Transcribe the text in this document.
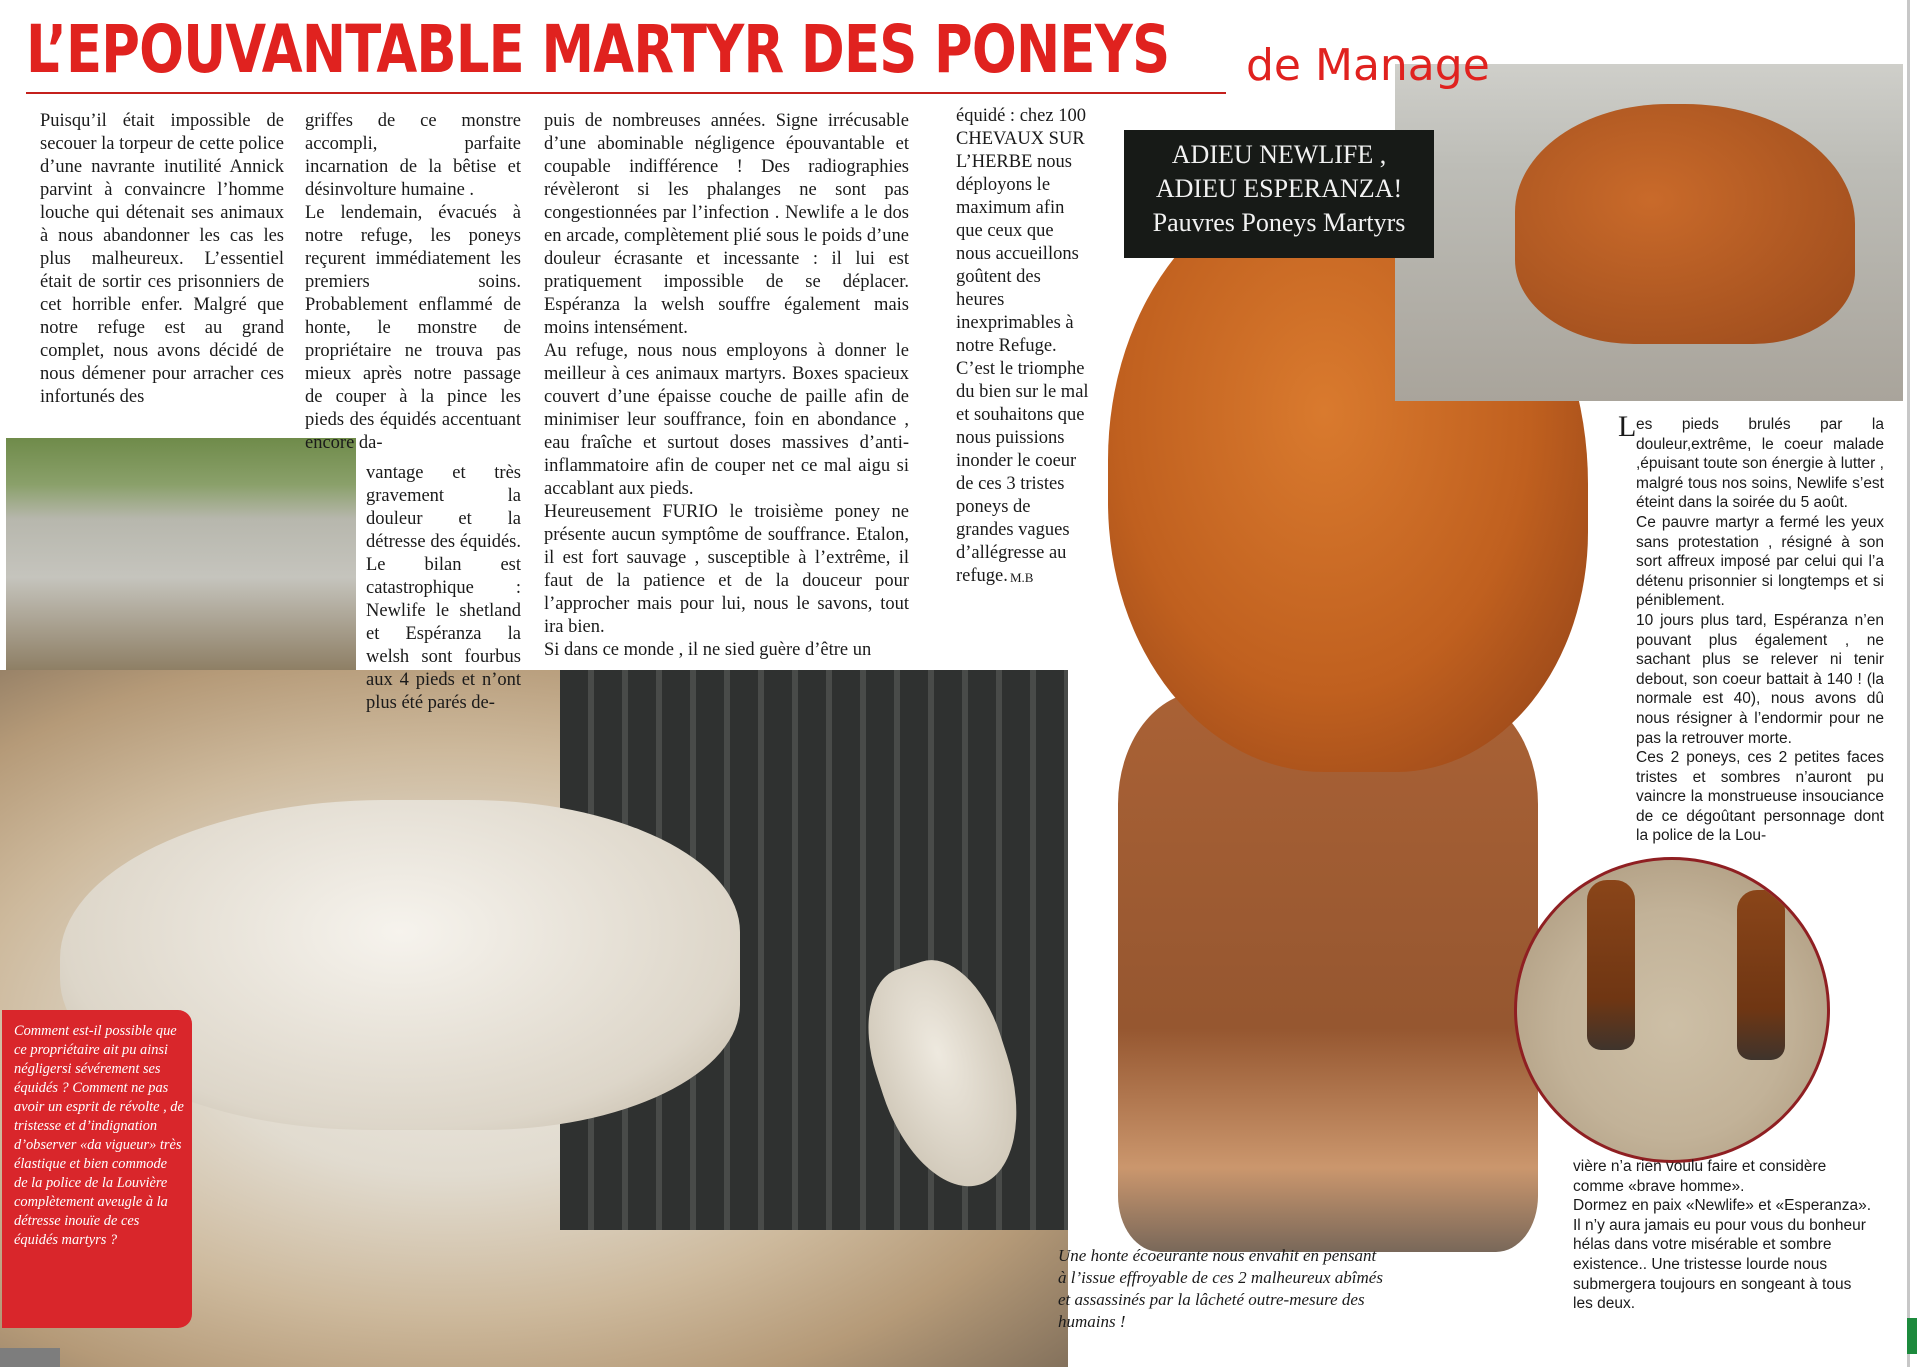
L’EPOUVANTABLE MARTYR DES PONEYS de Manage

Puisqu’il était impossible de secouer la torpeur de cette police d’une navrante inutilité Annick parvint à convaincre l’homme louche qui détenait ses animaux à nous abandonner les cas les plus malheureux. L’essentiel était de sortir ces prisonniers de cet horrible enfer. Malgré que notre refuge est au grand complet, nous avons décidé de nous démener pour arracher ces infortunés des

griffes de ce monstre accompli, parfaite incarnation de la bêtise et désinvolture humaine .

Le lendemain, évacués à notre refuge, les poneys reçurent immédiatement les premiers soins. Probablement enflammé de honte, le monstre de propriétaire ne trouva pas mieux après notre passage de couper à la pince les pieds des équidés accentuant encore da-

vantage et très gravement la douleur et la détresse des équidés. Le bilan est catastrophique : Newlife le shetland et Espéranza la welsh sont fourbus aux 4 pieds et n’ont plus été parés de-

puis de nombreuses années. Signe irrécusable d’une abominable négligence épouvantable et coupable indifférence ! Des radiographies révèleront si les phalanges ne sont pas congestionnées par l’infection . Newlife a le dos en arcade, complètement plié sous le poids d’une douleur écrasante et incessante : il lui est pratiquement impossible de se déplacer. Espéranza la welsh souffre également mais moins intensément.

Au refuge, nous nous employons à donner le meilleur à ces animaux martyrs. Boxes spacieux couvert d’une épaisse couche de paille afin de minimiser leur souffrance, foin en abondance , eau fraîche et surtout doses massives d’anti-inflammatoire afin de couper net ce mal aigu si accablant aux pieds.

Heureusement FURIO le troisième poney ne présente aucun symptôme de souffrance. Etalon, il est fort sauvage , susceptible à l’extrême, il faut de la patience et de la douceur pour l’approcher mais pour lui, nous le savons, tout ira bien.

Si dans ce monde , il ne sied guère d’être un

équidé : chez 100 CHEVAUX SUR L’HERBE nous déployons le maximum afin que ceux que nous accueillons goûtent des heures inexprimables à notre Refuge. C’est le triomphe du bien sur le mal et souhaitons que nous puissions inonder le coeur de ces 3 tristes poneys de grandes vagues d’allégresse au refuge. M.B
ADIEU NEWLIFE ,
ADIEU ESPERANZA!
Pauvres Poneys Martyrs
L es pieds brulés par la douleur,extrême, le coeur malade ,épuisant toute son énergie à lutter , malgré tous nos soins, Newlife s’est éteint dans la soirée du 5 août.
Ce pauvre martyr a fermé les yeux sans protestation , résigné à son sort affreux imposé par celui qui l’a détenu prisonnier si longtemps et si péniblement.
10 jours plus tard, Espéranza n’en pouvant plus également , ne sachant plus se relever ni tenir debout, son coeur battait à 140 ! (la normale est 40), nous avons dû nous résigner à l’endormir pour ne pas la retrouver morte.
Ces 2 poneys, ces 2 petites faces tristes et sombres n’auront pu vaincre la monstrueuse insouciance de ce dégoûtant personnage dont la police de la Lou-
vière n’a rien voulu faire et considère comme «brave homme».
Dormez en paix «Newlife» et «Esperanza». Il n’y aura jamais eu pour vous du bonheur hélas dans votre misérable et sombre existence.. Une tristesse lourde nous submergera toujours en songeant à tous les deux.

Comment est-il possible que ce propriétaire ait pu ainsi négligersi sévérement ses équidés ? Comment ne pas avoir un esprit de révolte , de tristesse et d’indignation d’observer «da vigueur» très élastique et bien commode de la police de la Louvière complètement aveugle à la détresse inouïe de ces équidés martyrs ?

Une honte écoeurante nous envahit en pensant à l’issue effroyable de ces 2 malheureux abîmés et assassinés par la lâcheté outre-mesure des humains !
